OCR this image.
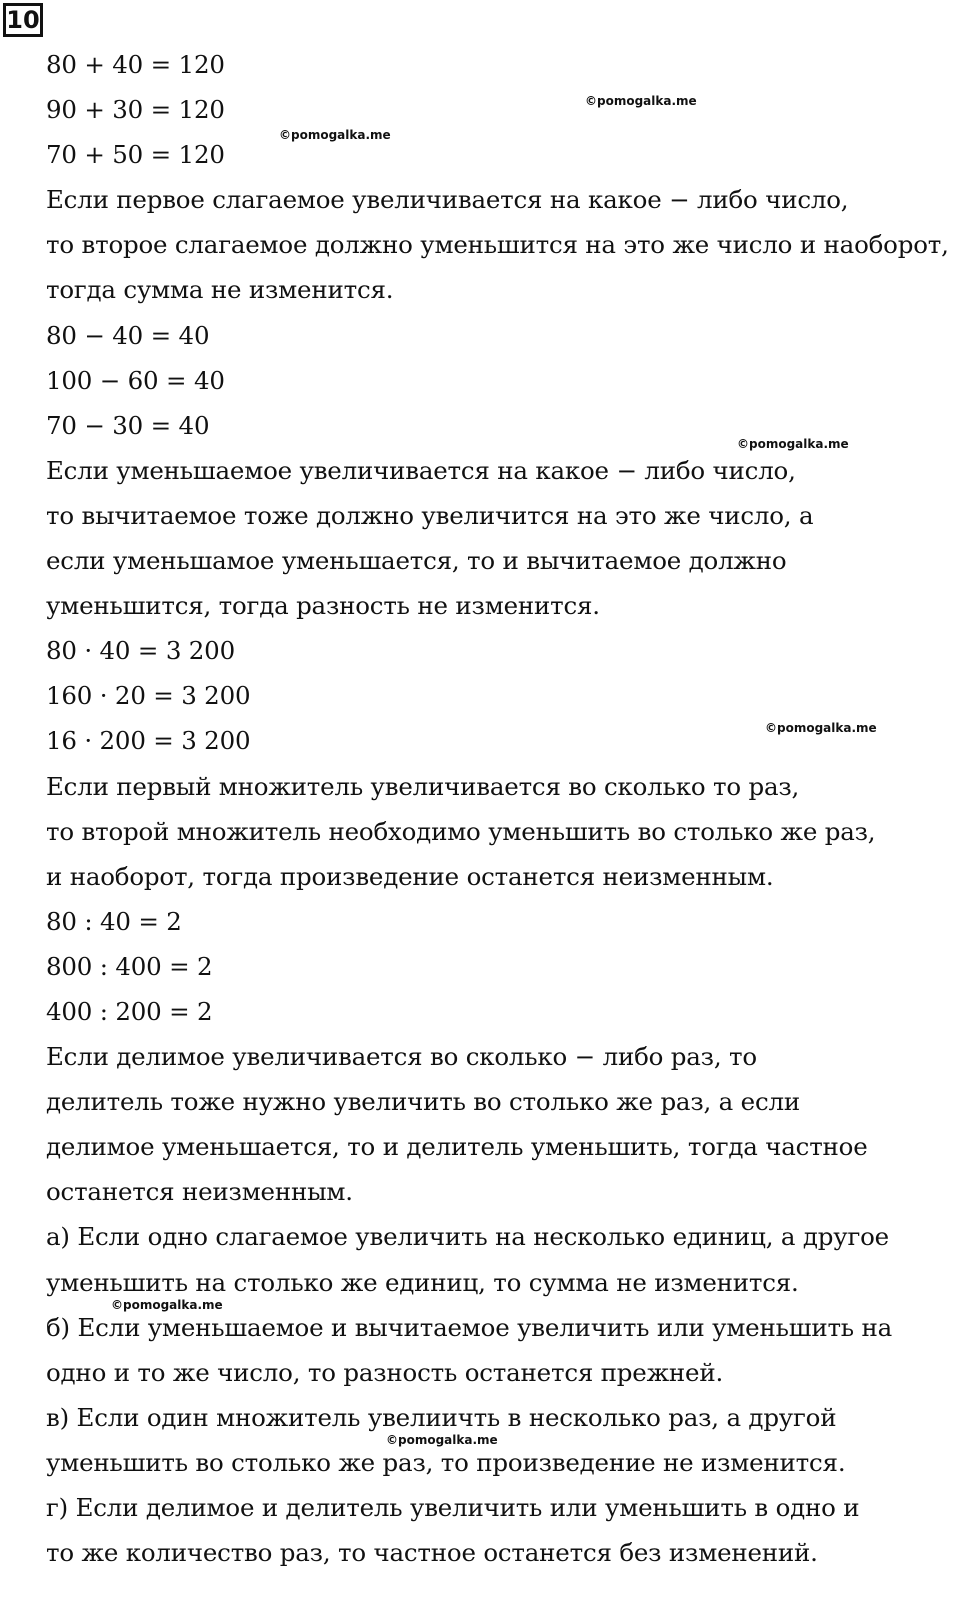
10
80 + 40 = 120
90 + 30 = 120
70 + 50 = 120
Если первое слагаемое увеличивается на какое − либо число,
то второе слагаемое должно уменьшится на это же число и наоборот,
тогда сумма не изменится.
80 − 40 = 40
100 − 60 = 40
70 − 30 = 40
Если уменьшаемое увеличивается на какое − либо число,
то вычитаемое тоже должно увеличится на это же число, а
если уменьшамое уменьшается, то и вычитаемое должно
уменьшится, тогда разность не изменится.
80 · 40 = 3 200
160 · 20 = 3 200
16 · 200 = 3 200
Если первый множитель увеличивается во сколько то раз,
то второй множитель необходимо уменьшить во столько же раз,
и наоборот, тогда произведение останется неизменным.
80 : 40 = 2
800 : 400 = 2
400 : 200 = 2
Если делимое увеличивается во сколько − либо раз, то
делитель тоже нужно увеличить во столько же раз, а если
делимое уменьшается, то и делитель уменьшить, тогда частное
останется неизменным.
а) Если одно слагаемое увеличить на несколько единиц, а другое
уменьшить на столько же единиц, то сумма не изменится.
б) Если уменьшаемое и вычитаемое увеличить или уменьшить на
одно и то же число, то разность останется прежней.
в) Если один множитель увелиичть в несколько раз, а другой
уменьшить во столько же раз, то произведение не изменится.
г) Если делимое и делитель увеличить или уменьшить в одно и
то же количество раз, то частное останется без изменений.
©pomogalka.me
©pomogalka.me
©pomogalka.me
©pomogalka.me
©pomogalka.me
©pomogalka.me
